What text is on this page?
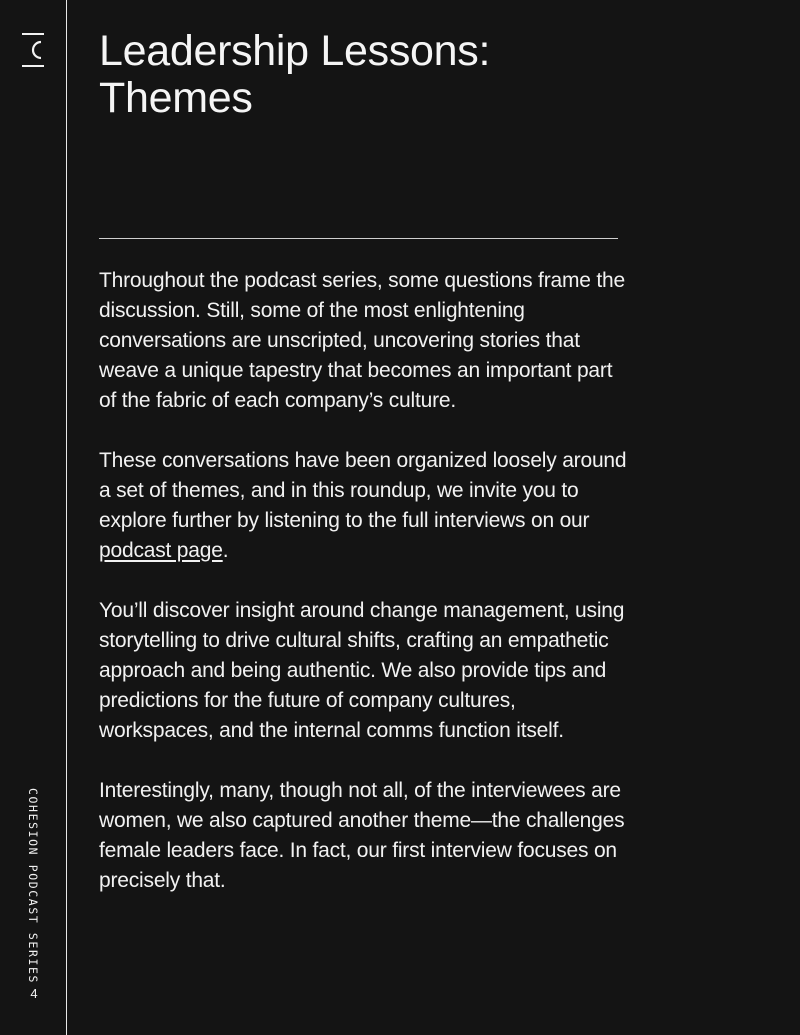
COHESION PODCAST SERIES
4
Leadership Lessons:
Themes

Throughout the podcast series, some questions frame the discussion. Still, some of the most enlightening conversations are unscripted, uncovering stories that weave a unique tapestry that becomes an important part of the fabric of each company’s culture.

These conversations have been organized loosely around a set of themes, and in this roundup, we invite you to explore further by listening to the full interviews on our podcast page.

You’ll discover insight around change management, using storytelling to drive cultural shifts, crafting an empathetic approach and being authentic. We also provide tips and predictions for the future of company cultures, workspaces, and the internal comms function itself.

Interestingly, many, though not all, of the interviewees are women, we also captured another theme—the challenges female leaders face. In fact, our first interview focuses on precisely that.
